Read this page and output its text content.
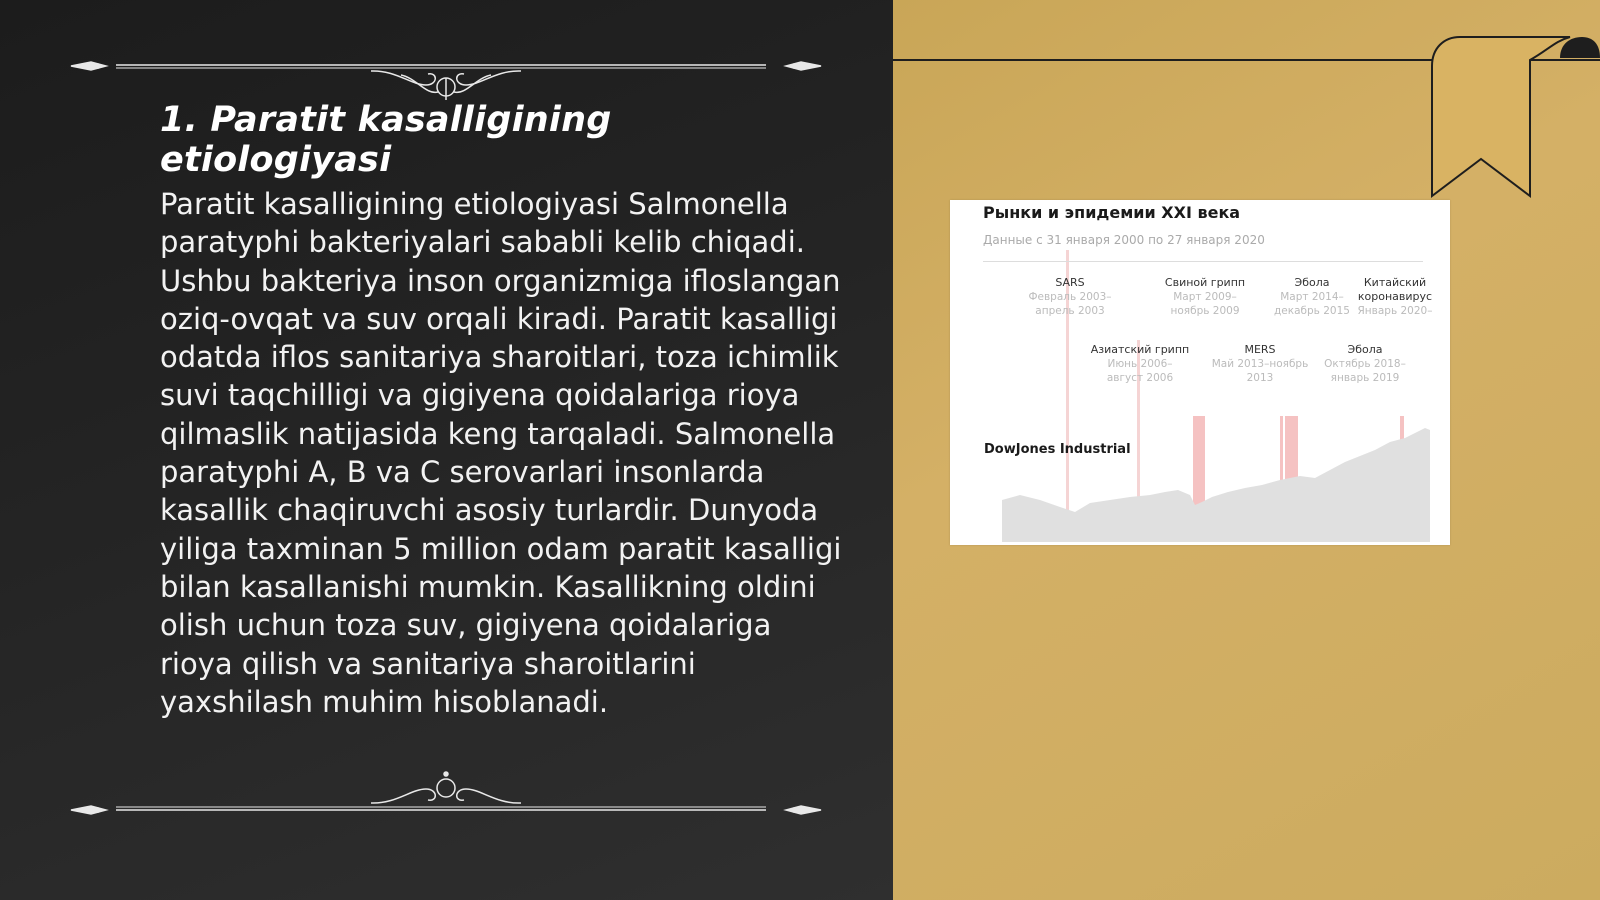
1. Paratit kasalligining etiologiyasi

Paratit kasalligining etiologiyasi Salmonella paratyphi bakteriyalari sababli kelib chiqadi. Ushbu bakteriya inson organizmiga ifloslangan oziq-ovqat va suv orqali kiradi. Paratit kasalligi odatda iflos sanitariya sharoitlari, toza ichimlik suvi taqchilligi va gigiyena qoidalariga rioya qilmaslik natijasida keng tarqaladi. Salmonella paratyphi A, B va C serovarlari insonlarda kasallik chaqiruvchi asosiy turlardir. Dunyoda yiliga taxminan 5 million odam paratit kasalligi bilan kasallanishi mumkin. Kasallikning oldini olish uchun toza suv, gigiyena qoidalariga rioya qilish va sanitariya sharoitlarini yaxshilash muhim hisoblanadi.

Рынки и эпидемии XXI века
Данные с 31 января 2000 по 27 января 2020
SARS
Февраль 2003–апрель 2003
Свиной грипп
Март 2009–ноябрь 2009
Эбола
Март 2014–декабрь 2015
Китайский коронавирус
Январь 2020–
Азиатский грипп
Июнь 2006–август 2006
MERS
Май 2013–ноябрь 2013
Эбола
Октябрь 2018–январь 2019
DowJones Industrial
